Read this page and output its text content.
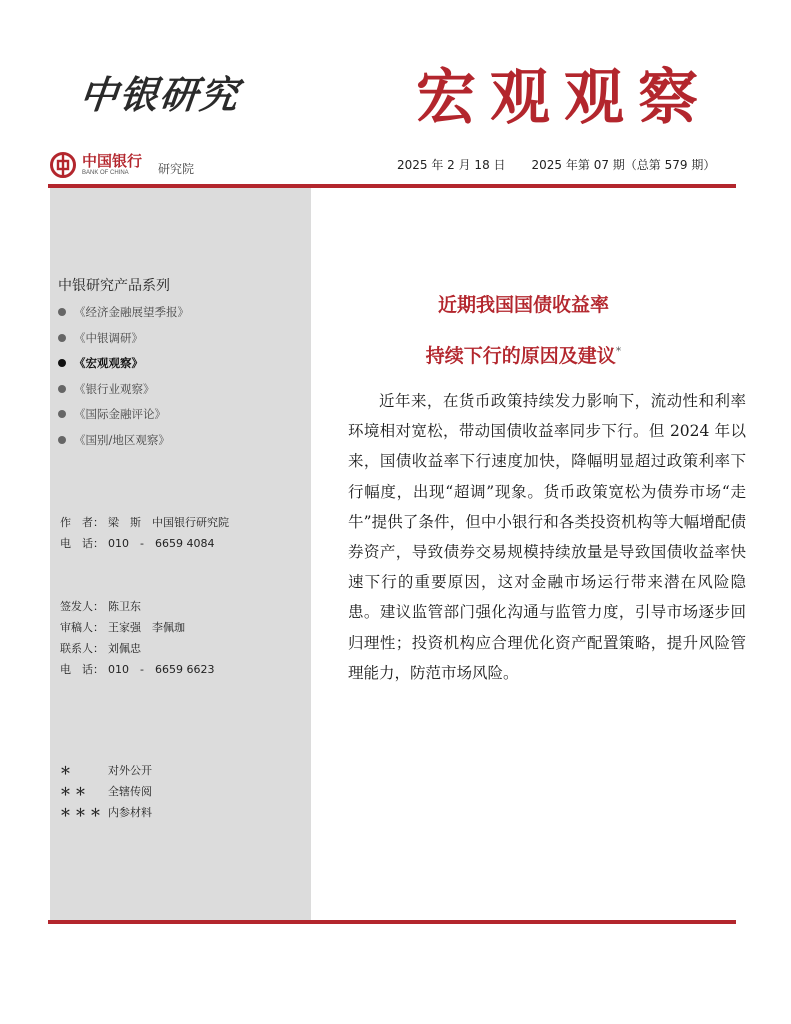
中银研究	宏观观察
中国银行
BANK OF CHINA 研究院	2025 年 2 月 18 日 2025 年第 07 期（总第 579 期）
中银研究产品系列
《经济金融展望季报》
《中银调研》
《宏观观察》
《银行业观察》
《国际金融评论》
《国别/地区观察》
作　者： 梁　斯　中国银行研究院
电　话： 010　-　6659 4084
签发人： 陈卫东
审稿人： 王家强　李佩珈
联系人： 刘佩忠
电　话： 010　-　6659 6623
＊	对外公开
＊＊ 全辖传阅
＊＊＊ 内参材料
近期我国国债收益率
持续下行的原因及建议*

近年来，在货币政策持续发力影响下，流动性和利率环境相对宽松，带动国债收益率同步下行。但 2024 年以来，国债收益率下行速度加快，降幅明显超过政策利率下行幅度，出现“超调”现象。货币政策宽松为债券市场“走牛”提供了条件，但中小银行和各类投资机构等大幅增配债券资产，导致债券交易规模持续放量是导致国债收益率快速下行的重要原因，这对金融市场运行带来潜在风险隐患。建议监管部门强化沟通与监管力度，引导市场逐步回归理性；投资机构应合理优化资产配置策略，提升风险管理能力，防范市场风险。
